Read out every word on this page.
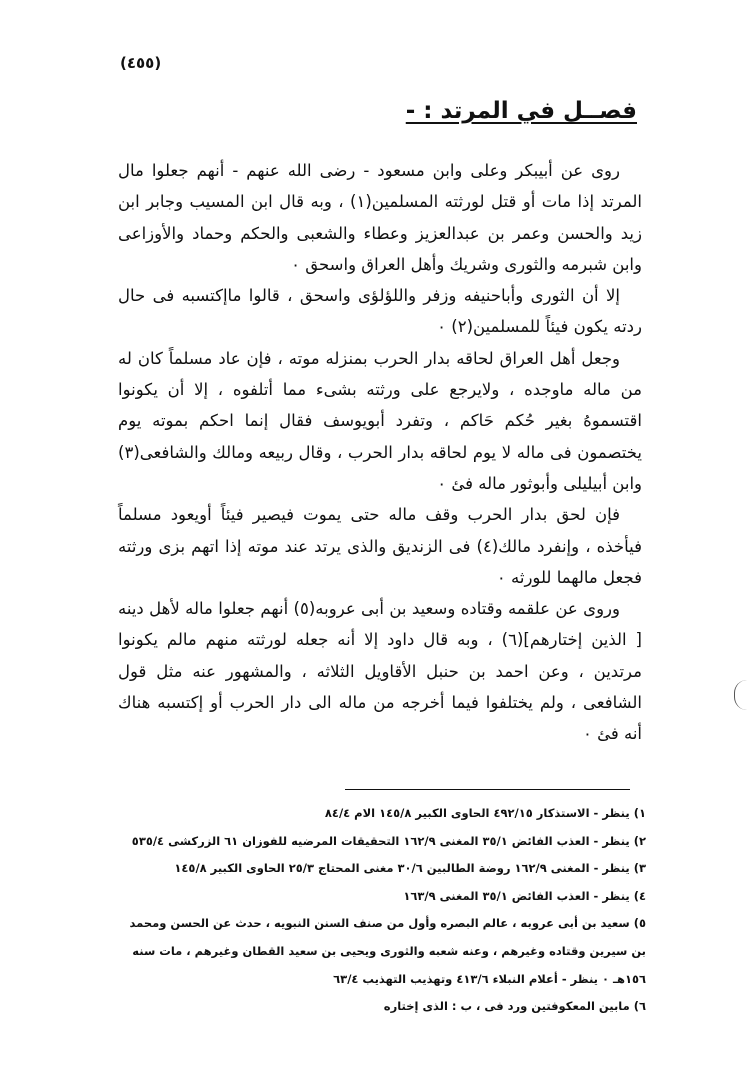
(٤٥٥)
فصــل في المرتد : -

روى عن أبيبكر وعلى وابن مسعود - رضى الله عنهم - أنهم جعلوا مال المرتد إذا مات أو قتل لورثته المسلمين(١) ، وبه قال ابن المسيب وجابر ابن زيد والحسن وعمر بن عبدالعزيز وعطاء والشعبى والحكم وحماد والأوزاعى وابن شبرمه والثورى وشريك وأهل العراق واسحق ٠

إلا أن الثورى وأباحنيفه وزفر واللؤلؤى واسحق ، قالوا ماإكتسبه فى حال ردته يكون فيئاً للمسلمين(٢) ٠

وجعل أهل العراق لحاقه بدار الحرب بمنزله موته ، فإن عاد مسلماً كان له من ماله ماوجده ، ولايرجع على ورثته بشىء مما أتلفوه ، إلا أن يكونوا اقتسموهُ بغير حُكم حَاكم ، وتفرد أبويوسف فقال إنما احكم بموته يوم يختصمون فى ماله لا يوم لحاقه بدار الحرب ، وقال ربيعه ومالك والشافعى(٣) وابن أبيليلى وأبوثور ماله فئ ٠

فإن لحق بدار الحرب وقف ماله حتى يموت فيصير فيئاً أويعود مسلماً فيأخذه ، وإنفرد مالك(٤) فى الزنديق والذى يرتد عند موته إذا اتهم بزى ورثته فجعل مالهما للورثه ٠

وروى عن علقمه وقتاده وسعيد بن أبى عروبه(٥) أنهم جعلوا ماله لأهل دينه [ الذين إختارهم](٦) ، وبه قال داود إلا أنه جعله لورثته منهم مالم يكونوا مرتدين ، وعن احمد بن حنبل الأقاويل الثلاثه ، والمشهور عنه مثل قول الشافعى ، ولم يختلفوا فيما أخرجه من ماله الى دار الحرب أو إكتسبه هناك أنه فئ ٠

١) ينظر - الاستذكار ٤٩٢/١٥ الحاوى الكبير ١٤٥/٨ الام ٨٤/٤

٢) ينظر - العذب الفائض ٣٥/١ المغنى ١٦٢/٩ التحقيقات المرضيه للفوزان ٦١ الزركشى ٥٣٥/٤

٣) ينظر - المغنى ١٦٢/٩ روضة الطالبين ٣٠/٦ مغنى المحتاج ٢٥/٣ الحاوى الكبير ١٤٥/٨

٤) ينظر - العذب الفائض ٣٥/١ المغنى ١٦٣/٩

٥) سعيد بن أبى عروبه ، عالم البصره وأول من صنف السنن النبويه ، حدث عن الحسن ومحمد بن سيرين وقتاده وغيرهم ، وعنه شعبه والثورى ويحيى بن سعيد القطان وغيرهم ، مات سنه ١٥٦هـ ٠ ينظر - أعلام النبلاء ٤١٣/٦ وتهذيب التهذيب ٦٣/٤

٦) مابين المعكوفتين ورد فى ، ب : الذى إختاره
